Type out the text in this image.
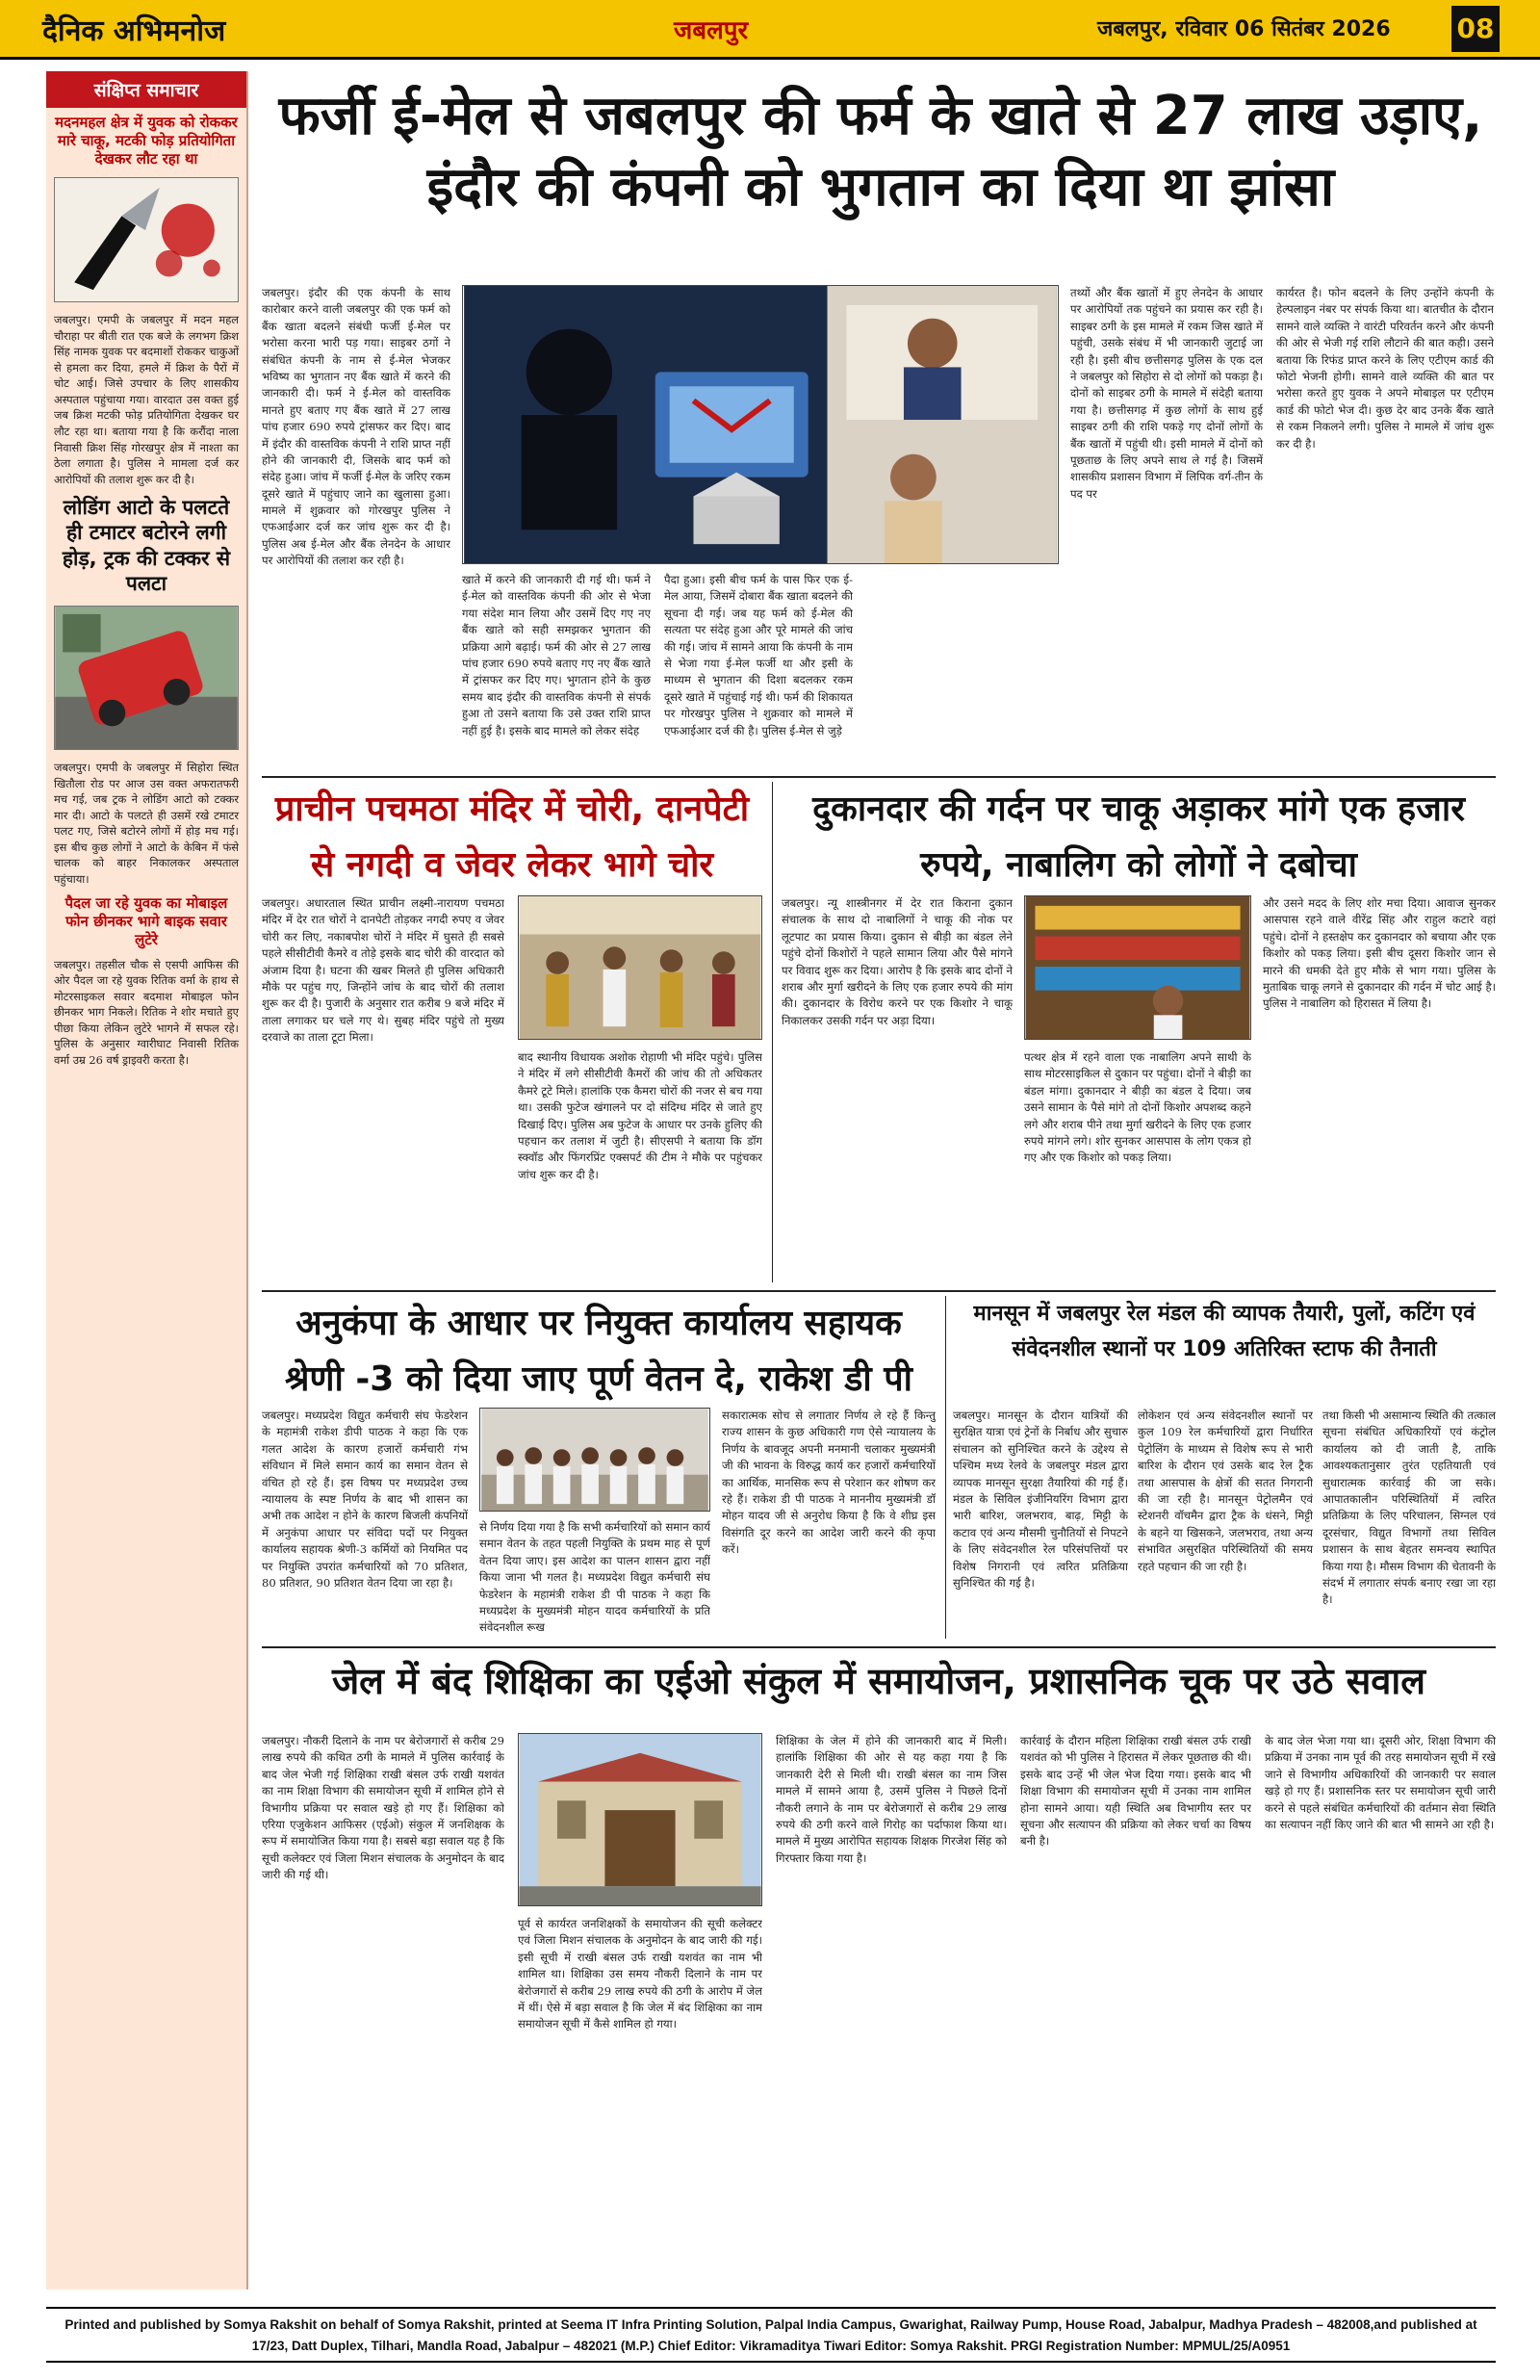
दैनिक अभिमनोज	जबलपुर	जबलपुर, रविवार 06 सितंबर 2026 08
संक्षिप्त समाचार
मदनमहल क्षेत्र में युवक को रोककर मारे चाकू, मटकी फोड़ प्रतियोगिता देखकर लौट रहा था
जबलपुर। एमपी के जबलपुर में मदन महल चौराहा पर बीती रात एक बजे के लगभग क्रिश सिंह नामक युवक पर बदमाशों रोककर चाकुओं से हमला कर दिया, हमले में क्रिश के पैरों में चोट आई। जिसे उपचार के लिए शासकीय अस्पताल पहुंचाया गया। वारदात उस वक्त हुई जब क्रिश मटकी फोड़ प्रतियोगिता देखकर घर लौट रहा था। बताया गया है कि करौंदा नाला निवासी क्रिश सिंह गोरखपुर क्षेत्र में नाश्ता का ठेला लगाता है। पुलिस ने मामला दर्ज कर आरोपियों की तलाश शुरू कर दी है।
लोडिंग आटो के पलटते ही टमाटर बटोरने लगी होड़, ट्रक की टक्कर से पलटा
जबलपुर। एमपी के जबलपुर में सिहोरा स्थित खितौला रोड पर आज उस वक्त अफरातफरी मच गई, जब ट्रक ने लोडिंग आटो को टक्कर मार दी। आटो के पलटते ही उसमें रखे टमाटर पलट गए, जिसे बटोरने लोगों में होड़ मच गई। इस बीच कुछ लोगों ने आटो के केबिन में फंसे चालक को बाहर निकालकर अस्पताल पहुंचाया।
पैदल जा रहे युवक का मोबाइल फोन छीनकर भागे बाइक सवार लुटेरे
जबलपुर। तहसील चौक से एसपी आफिस की ओर पैदल जा रहे युवक रितिक वर्मा के हाथ से मोटरसाइकल सवार बदमाश मोबाइल फोन छीनकर भाग निकले। रितिक ने शोर मचाते हुए पीछा किया लेकिन लुटेरे भागने में सफल रहे। पुलिस के अनुसार ग्वारीघाट निवासी रितिक वर्मा उम्र 26 वर्ष ड्राइवरी करता है।
फर्जी ई-मेल से जबलपुर की फर्म के खाते से 27 लाख उड़ाए, इंदौर की कंपनी को भुगतान का दिया था झांसा
जबलपुर। इंदौर की एक कंपनी के साथ कारोबार करने वाली जबलपुर की एक फर्म को बैंक खाता बदलने संबंधी फर्जी ई-मेल पर भरोसा करना भारी पड़ गया। साइबर ठगों ने संबंधित कंपनी के नाम से ई-मेल भेजकर भविष्य का भुगतान नए बैंक खाते में करने की जानकारी दी। फर्म ने ई-मेल को वास्तविक मानते हुए बताए गए बैंक खाते में 27 लाख पांच हजार 690 रुपये ट्रांसफर कर दिए। बाद में इंदौर की वास्तविक कंपनी ने राशि प्राप्त नहीं होने की जानकारी दी, जिसके बाद फर्म को संदेह हुआ। जांच में फर्जी ई-मेल के जरिए रकम दूसरे खाते में पहुंचाए जाने का खुलासा हुआ। मामले में शुक्रवार को गोरखपुर पुलिस ने एफआईआर दर्ज कर जांच शुरू कर दी है। पुलिस अब ई-मेल और बैंक लेनदेन के आधार पर आरोपियों की तलाश कर रही है।
खाते में करने की जानकारी दी गई थी। फर्म ने ई-मेल को वास्तविक कंपनी की ओर से भेजा गया संदेश मान लिया और उसमें दिए गए नए बैंक खाते को सही समझकर भुगतान की प्रक्रिया आगे बढ़ाई। फर्म की ओर से 27 लाख पांच हजार 690 रुपये बताए गए नए बैंक खाते में ट्रांसफर कर दिए गए। भुगतान होने के कुछ समय बाद इंदौर की वास्तविक कंपनी से संपर्क हुआ तो उसने बताया कि उसे उक्त राशि प्राप्त नहीं हुई है। इसके बाद मामले को लेकर संदेह
पैदा हुआ। इसी बीच फर्म के पास फिर एक ई-मेल आया, जिसमें दोबारा बैंक खाता बदलने की सूचना दी गई। जब यह फर्म को ई-मेल की सत्यता पर संदेह हुआ और पूरे मामले की जांच की गई। जांच में सामने आया कि कंपनी के नाम से भेजा गया ई-मेल फर्जी था और इसी के माध्यम से भुगतान की दिशा बदलकर रकम दूसरे खाते में पहुंचाई गई थी। फर्म की शिकायत पर गोरखपुर पुलिस ने शुक्रवार को मामले में एफआईआर दर्ज की है। पुलिस ई-मेल से जुड़े
तथ्यों और बैंक खातों में हुए लेनदेन के आधार पर आरोपियों तक पहुंचने का प्रयास कर रही है। साइबर ठगी के इस मामले में रकम जिस खाते में पहुंची, उसके संबंध में भी जानकारी जुटाई जा रही है। इसी बीच छत्तीसगढ़ पुलिस के एक दल ने जबलपुर को सिहोरा से दो लोगों को पकड़ा है। दोनों को साइबर ठगी के मामले में संदेही बताया गया है। छत्तीसगढ़ में कुछ लोगों के साथ हुई साइबर ठगी की राशि पकड़े गए दोनों लोगों के बैंक खातों में पहुंची थी। इसी मामले में दोनों को पूछताछ के लिए अपने साथ ले गई है। जिसमें शासकीय प्रशासन विभाग में लिपिक वर्ग-तीन के पद पर
कार्यरत है। फोन बदलने के लिए उन्होंने कंपनी के हेल्पलाइन नंबर पर संपर्क किया था। बातचीत के दौरान सामने वाले व्यक्ति ने वारंटी परिवर्तन करने और कंपनी की ओर से भेजी गई राशि लौटाने की बात कही। उसने बताया कि रिफंड प्राप्त करने के लिए एटीएम कार्ड की फोटो भेजनी होगी। सामने वाले व्यक्ति की बात पर भरोसा करते हुए युवक ने अपने मोबाइल पर एटीएम कार्ड की फोटो भेज दी। कुछ देर बाद उनके बैंक खाते से रकम निकलने लगी। पुलिस ने मामले में जांच शुरू कर दी है।
प्राचीन पचमठा मंदिर में चोरी, दानपेटी से नगदी व जेवर लेकर भागे चोर
जबलपुर। अधारताल स्थित प्राचीन लक्ष्मी-नारायण पचमठा मंदिर में देर रात चोरों ने दानपेटी तोड़कर नगदी रुपए व जेवर चोरी कर लिए, नकाबपोश चोरों ने मंदिर में घुसते ही सबसे पहले सीसीटीवी कैमरे व तोड़े इसके बाद चोरी की वारदात को अंजाम दिया है। घटना की खबर मिलते ही पुलिस अधिकारी मौके पर पहुंच गए, जिन्होंने जांच के बाद चोरों की तलाश शुरू कर दी है। पुजारी के अनुसार रात करीब 9 बजे मंदिर में ताला लगाकर घर चले गए थे। सुबह मंदिर पहुंचे तो मुख्य दरवाजे का ताला टूटा मिला।
बाद स्थानीय विधायक अशोक रोहाणी भी मंदिर पहुंचे। पुलिस ने मंदिर में लगे सीसीटीवी कैमरों की जांच की तो अधिकतर कैमरे टूटे मिले। हालांकि एक कैमरा चोरों की नजर से बच गया था। उसकी फुटेज खंगालने पर दो संदिग्ध मंदिर से जाते हुए दिखाई दिए। पुलिस अब फुटेज के आधार पर उनके हुलिए की पहचान कर तलाश में जुटी है। सीएसपी ने बताया कि डॉग स्क्वॉड और फिंगरप्रिंट एक्सपर्ट की टीम ने मौके पर पहुंचकर जांच शुरू कर दी है।
दुकानदार की गर्दन पर चाकू अड़ाकर मांगे एक हजार रुपये, नाबालिग को लोगों ने दबोचा
जबलपुर। न्यू शास्त्रीनगर में देर रात किराना दुकान संचालक के साथ दो नाबालिगों ने चाकू की नोक पर लूटपाट का प्रयास किया। दुकान से बीड़ी का बंडल लेने पहुंचे दोनों किशोरों ने पहले सामान लिया और पैसे मांगने पर विवाद शुरू कर दिया। आरोप है कि इसके बाद दोनों ने शराब और मुर्गा खरीदने के लिए एक हजार रुपये की मांग की। दुकानदार के विरोध करने पर एक किशोर ने चाकू निकालकर उसकी गर्दन पर अड़ा दिया।
पत्थर क्षेत्र में रहने वाला एक नाबालिग अपने साथी के साथ मोटरसाइकिल से दुकान पर पहुंचा। दोनों ने बीड़ी का बंडल मांगा। दुकानदार ने बीड़ी का बंडल दे दिया। जब उसने सामान के पैसे मांगे तो दोनों किशोर अपशब्द कहने लगे और शराब पीने तथा मुर्गा खरीदने के लिए एक हजार रुपये मांगने लगे। शोर सुनकर आसपास के लोग एकत्र हो गए और एक किशोर को पकड़ लिया।
और उसने मदद के लिए शोर मचा दिया। आवाज सुनकर आसपास रहने वाले वीरेंद्र सिंह और राहुल कटारे वहां पहुंचे। दोनों ने हस्तक्षेप कर दुकानदार को बचाया और एक किशोर को पकड़ लिया। इसी बीच दूसरा किशोर जान से मारने की धमकी देते हुए मौके से भाग गया। पुलिस के मुताबिक चाकू लगने से दुकानदार की गर्दन में चोट आई है। पुलिस ने नाबालिग को हिरासत में लिया है।
अनुकंपा के आधार पर नियुक्त कार्यालय सहायक श्रेणी -3 को दिया जाए पूर्ण वेतन दे, राकेश डी पी
जबलपुर। मध्यप्रदेश विद्युत कर्मचारी संघ फेडरेशन के महामंत्री राकेश डीपी पाठक ने कहा कि एक गलत आदेश के कारण हजारों कर्मचारी गंभ संविधान में मिले समान कार्य का समान वेतन से वंचित हो रहे हैं। इस विषय पर मध्यप्रदेश उच्च न्यायालय के स्पष्ट निर्णय के बाद भी शासन का अभी तक आदेश न होने के कारण बिजली कंपनियों में अनुकंपा आधार पर संविदा पदों पर नियुक्त कार्यालय सहायक श्रेणी-3 कर्मियों को नियमित पद पर नियुक्ति उपरांत कर्मचारियों को 70 प्रतिशत, 80 प्रतिशत, 90 प्रतिशत वेतन दिया जा रहा है।
से निर्णय दिया गया है कि सभी कर्मचारियों को समान कार्य समान वेतन के तहत पहली नियुक्ति के प्रथम माह से पूर्ण वेतन दिया जाए। इस आदेश का पालन शासन द्वारा नहीं किया जाना भी गलत है। मध्यप्रदेश विद्युत कर्मचारी संघ फेडरेशन के महामंत्री राकेश डी पी पाठक ने कहा कि मध्यप्रदेश के मुख्यमंत्री मोहन यादव कर्मचारियों के प्रति संवेदनशील रूख
सकारात्मक सोच से लगातार निर्णय ले रहे हैं किन्तु राज्य शासन के कुछ अधिकारी गण ऐसे न्यायालय के निर्णय के बावजूद अपनी मनमानी चलाकर मुख्यमंत्री जी की भावना के विरुद्ध कार्य कर हजारों कर्मचारियों का आर्थिक, मानसिक रूप से परेशान कर शोषण कर रहे हैं। राकेश डी पी पाठक ने माननीय मुख्यमंत्री डॉ मोहन यादव जी से अनुरोध किया है कि वे शीघ्र इस विसंगति दूर करने का आदेश जारी करने की कृपा करें।
मानसून में जबलपुर रेल मंडल की व्यापक तैयारी, पुलों, कटिंग एवं संवेदनशील स्थानों पर 109 अतिरिक्त स्टाफ की तैनाती
जबलपुर। मानसून के दौरान यात्रियों की सुरक्षित यात्रा एवं ट्रेनों के निर्बाध और सुचारु संचालन को सुनिश्चित करने के उद्देश्य से पश्चिम मध्य रेलवे के जबलपुर मंडल द्वारा व्यापक मानसून सुरक्षा तैयारियां की गई हैं। मंडल के सिविल इंजीनियरिंग विभाग द्वारा भारी बारिश, जलभराव, बाढ़, मिट्टी के कटाव एवं अन्य मौसमी चुनौतियों से निपटने के लिए संवेदनशील रेल परिसंपत्तियों पर विशेष निगरानी एवं त्वरित प्रतिक्रिया सुनिश्चित की गई है।
लोकेशन एवं अन्य संवेदनशील स्थानों पर कुल 109 रेल कर्मचारियों द्वारा निर्धारित पेट्रोलिंग के माध्यम से विशेष रूप से भारी बारिश के दौरान एवं उसके बाद रेल ट्रैक तथा आसपास के क्षेत्रों की सतत निगरानी की जा रही है। मानसून पेट्रोलमैन एवं स्टेशनरी वॉचमैन द्वारा ट्रैक के धंसने, मिट्टी के बहने या खिसकने, जलभराव, तथा अन्य संभावित असुरक्षित परिस्थितियों की समय रहते पहचान की जा रही है।
तथा किसी भी असामान्य स्थिति की तत्काल सूचना संबंधित अधिकारियों एवं कंट्रोल कार्यालय को दी जाती है, ताकि आवश्यकतानुसार तुरंत एहतियाती एवं सुधारात्मक कार्रवाई की जा सके। आपातकालीन परिस्थितियों में त्वरित प्रतिक्रिया के लिए परिचालन, सिग्नल एवं दूरसंचार, विद्युत विभागों तथा सिविल प्रशासन के साथ बेहतर समन्वय स्थापित किया गया है। मौसम विभाग की चेतावनी के संदर्भ में लगातार संपर्क बनाए रखा जा रहा है।
जेल में बंद शिक्षिका का एईओ संकुल में समायोजन, प्रशासनिक चूक पर उठे सवाल
जबलपुर। नौकरी दिलाने के नाम पर बेरोजगारों से करीब 29 लाख रुपये की कथित ठगी के मामले में पुलिस कार्रवाई के बाद जेल भेजी गई शिक्षिका राखी बंसल उर्फ राखी यशवंत का नाम शिक्षा विभाग की समायोजन सूची में शामिल होने से विभागीय प्रक्रिया पर सवाल खड़े हो गए हैं। शिक्षिका को एरिया एजुकेशन आफिसर (एईओ) संकुल में जनशिक्षक के रूप में समायोजित किया गया है। सबसे बड़ा सवाल यह है कि सूची कलेक्टर एवं जिला मिशन संचालक के अनुमोदन के बाद जारी की गई थी।
पूर्व से कार्यरत जनशिक्षकों के समायोजन की सूची कलेक्टर एवं जिला मिशन संचालक के अनुमोदन के बाद जारी की गई। इसी सूची में राखी बंसल उर्फ राखी यशवंत का नाम भी शामिल था। शिक्षिका उस समय नौकरी दिलाने के नाम पर बेरोजगारों से करीब 29 लाख रुपये की ठगी के आरोप में जेल में थीं। ऐसे में बड़ा सवाल है कि जेल में बंद शिक्षिका का नाम समायोजन सूची में कैसे शामिल हो गया।
शिक्षिका के जेल में होने की जानकारी बाद में मिली। हालांकि शिक्षिका की ओर से यह कहा गया है कि जानकारी देरी से मिली थी। राखी बंसल का नाम जिस मामले में सामने आया है, उसमें पुलिस ने पिछले दिनों नौकरी लगाने के नाम पर बेरोजगारों से करीब 29 लाख रुपये की ठगी करने वाले गिरोह का पर्दाफाश किया था। मामले में मुख्य आरोपित सहायक शिक्षक गिरजेश सिंह को गिरफ्तार किया गया है।
कार्रवाई के दौरान महिला शिक्षिका राखी बंसल उर्फ राखी यशवंत को भी पुलिस ने हिरासत में लेकर पूछताछ की थी। इसके बाद उन्हें भी जेल भेज दिया गया। इसके बाद भी शिक्षा विभाग की समायोजन सूची में उनका नाम शामिल होना सामने आया। यही स्थिति अब विभागीय स्तर पर सूचना और सत्यापन की प्रक्रिया को लेकर चर्चा का विषय बनी है।
के बाद जेल भेजा गया था। दूसरी ओर, शिक्षा विभाग की प्रक्रिया में उनका नाम पूर्व की तरह समायोजन सूची में रखे जाने से विभागीय अधिकारियों की जानकारी पर सवाल खड़े हो गए हैं। प्रशासनिक स्तर पर समायोजन सूची जारी करने से पहले संबंधित कर्मचारियों की वर्तमान सेवा स्थिति का सत्यापन नहीं किए जाने की बात भी सामने आ रही है।
Printed and published by Somya Rakshit on behalf of Somya Rakshit, printed at Seema IT Infra Printing Solution, Palpal India Campus, Gwarighat, Railway Pump, House Road, Jabalpur, Madhya Pradesh – 482008,and published at 17/23, Datt Duplex, Tilhari, Mandla Road, Jabalpur – 482021 (M.P.) Chief Editor: Vikramaditya Tiwari Editor: Somya Rakshit. PRGI Registration Number: MPMUL/25/A0951
